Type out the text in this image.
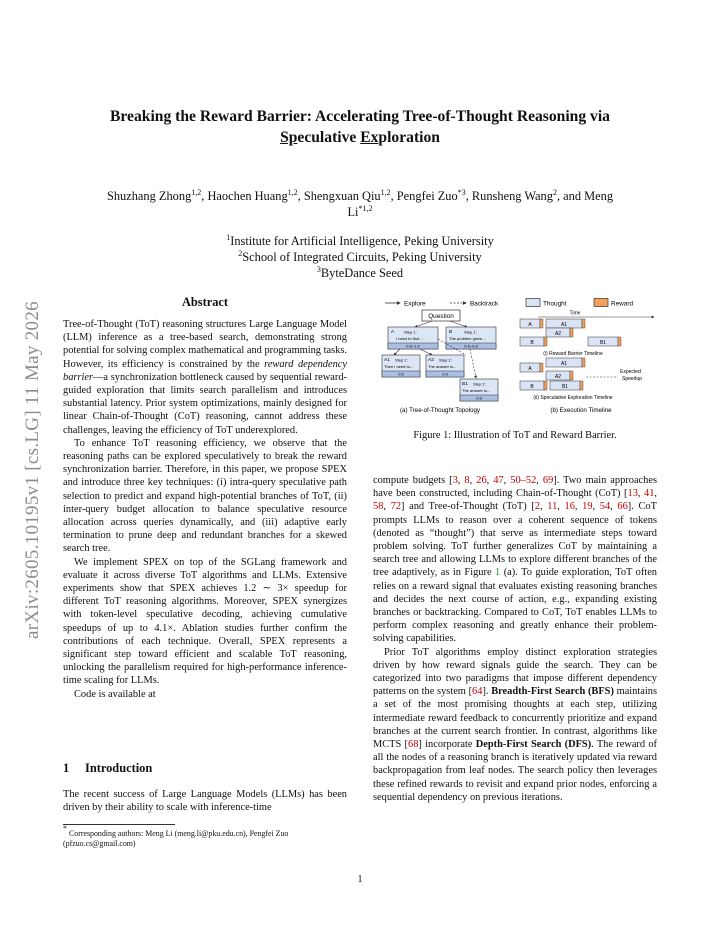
arXiv:2605.10195v1 [cs.LG] 11 May 2026
Breaking the Reward Barrier: Accelerating Tree-of-Thought Reasoning via
Speculative Exploration
Shuzhang Zhong$^{1,2}$, Haochen Huang$^{1,2}$, Shengxuan Qiu$^{1,2}$, Pengfei Zuo$^{*3}$, Runsheng Wang$^2$, and Meng
Li$^{*1,2}$
$^1$Institute for Artificial Intelligence, Peking University
$^2$School of Integrated Circuits, Peking University
$^3$ByteDance Seed
Abstract

Tree-of-Thought (ToT) reasoning structures Large Language Model (LLM) inference as a tree-based search, demonstrating strong potential for solving complex mathematical and programming tasks. However, its efficiency is constrained by the reward dependency barrier—a synchronization bottleneck caused by sequential reward-guided exploration that limits search parallelism and introduces substantial latency. Prior system optimizations, mainly designed for linear Chain-of-Thought (CoT) reasoning, cannot address these challenges, leaving the efficiency of ToT underexplored.

To enhance ToT reasoning efficiency, we observe that the reasoning paths can be explored speculatively to break the reward synchronization barrier. Therefore, in this paper, we propose SPEX and introduce three key techniques: (i) intra-query speculative path selection to predict and expand high-potential branches of ToT, (ii) inter-query budget allocation to balance speculative resource allocation across queries dynamically, and (iii) adaptive early termination to prune deep and redundant branches for a skewed search tree.

We implement SPEX on top of the SGLang framework and evaluate it across diverse ToT algorithms and LLMs. Extensive experiments show that SPEX achieves 1.2 ∼ 3× speedup for different ToT reasoning algorithms. Moreover, SPEX synergizes with token-level speculative decoding, achieving cumulative speedups of up to 4.1×. Ablation studies further confirm the contributions of each technique. Overall, SPEX represents a significant step toward efficient and scalable ToT reasoning, unlocking the parallelism required for high-performance inference-time scaling for LLMs.

Code is available at

1 Introduction
The recent success of Large Language Models (LLMs) has been driven by their ability to scale with inference-time
* Corresponding authors: Meng Li (meng.li@pku.edu.cn), Pengfei Zuo (pfzuo.cs@gmail.com)
Explore	Backtrack	Thought	Reward
Question
A Step 1:
I need to find ...
0.8~1.0
B	Step 1:
The problem gives ...
0.6~0.8
A1 Step 2:
Then I need to...
0.5
A2 Step 2:
The answer is...
0.9
B1 Step 2:
The answer is...
0.8
(a) Tree-of-Thought Topology
Time
A	A1
A2
B	B1
(i) Reward Barrier Timeline
A
A1
A2
B	B1
Expected
Speedup
(ii) Speculative Exploration Timeline
(b) Execution Timeline
Figure 1: Illustration of ToT and Reward Barrier.

compute budgets [3, 8, 26, 47, 50–52, 69]. Two main approaches have been constructed, including Chain-of-Thought (CoT) [13, 41, 58, 72] and Tree-of-Thought (ToT) [2, 11, 16, 19, 54, 66]. CoT prompts LLMs to reason over a coherent sequence of tokens (denoted as “thought”) that serve as intermediate steps toward problem solving. ToT further generalizes CoT by maintaining a search tree and allowing LLMs to explore different branches of the tree adaptively, as in Figure 1 (a). To guide exploration, ToT often relies on a reward signal that evaluates existing reasoning branches and decides the next course of action, e.g., expanding existing branches or backtracking. Compared to CoT, ToT enables LLMs to perform complex reasoning and greatly enhance their problem-solving capabilities.

Prior ToT algorithms employ distinct exploration strategies driven by how reward signals guide the search. They can be categorized into two paradigms that impose different dependency patterns on the system [64]. Breadth-First Search (BFS) maintains a set of the most promising thoughts at each step, utilizing intermediate reward feedback to concurrently prioritize and expand branches at the current search frontier. In contrast, algorithms like MCTS [68] incorporate Depth-First Search (DFS). The reward of all the nodes of a reasoning branch is iteratively updated via reward backpropagation from leaf nodes. The search policy then leverages these refined rewards to revisit and expand prior nodes, enforcing a sequential dependency on previous iterations.

1
